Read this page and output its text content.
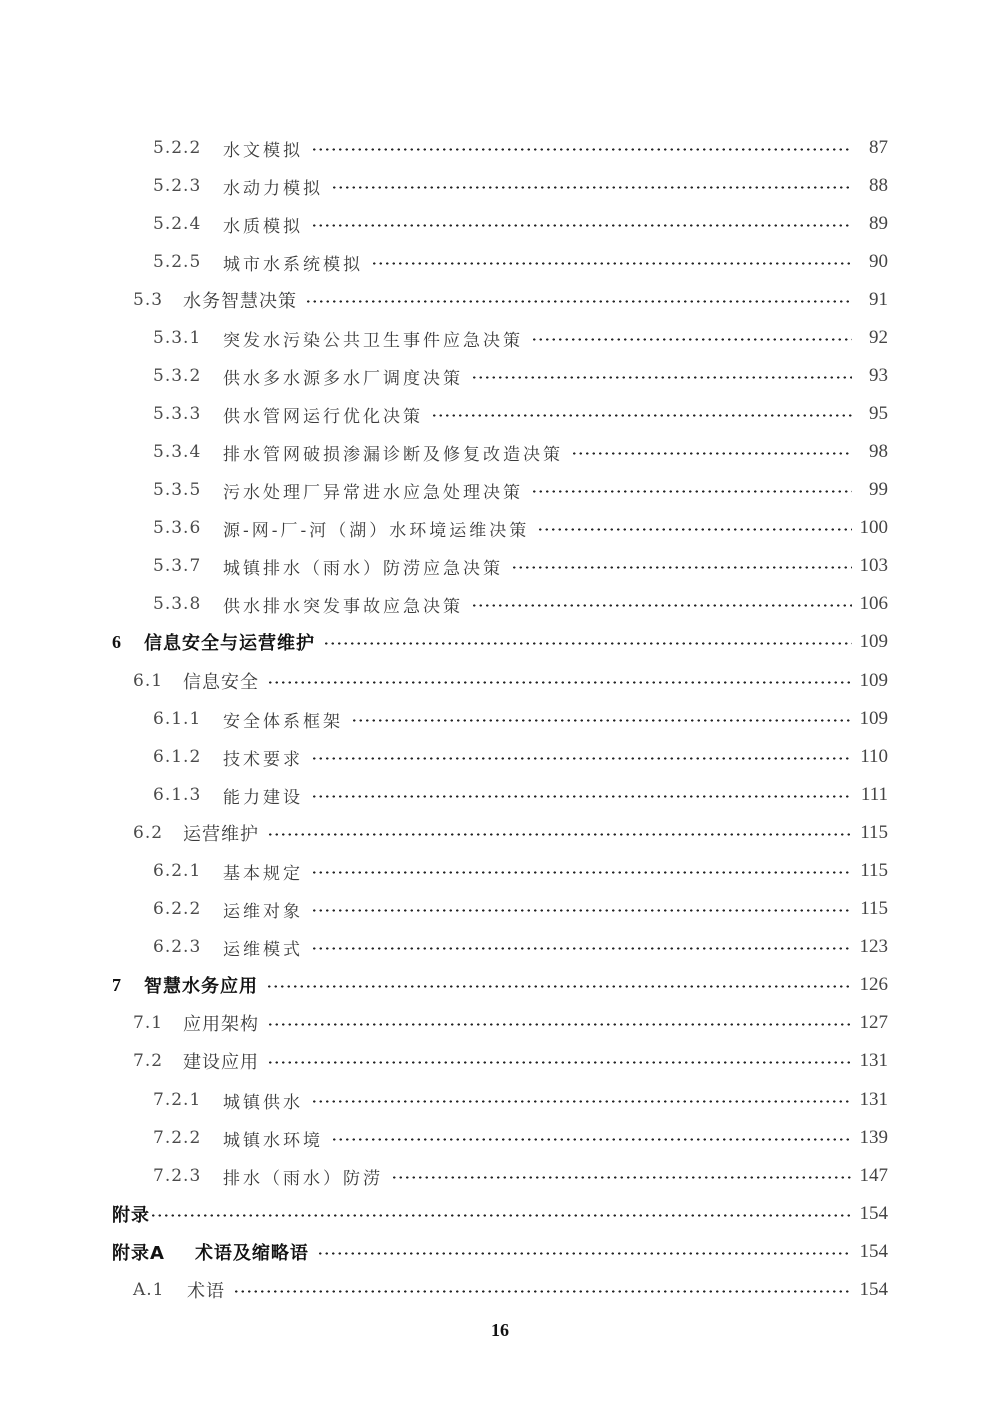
5.2.2	水文模拟	87
5.2.3	水动力模拟	88
5.2.4	水质模拟	89
5.2.5	城市水系统模拟	90
5.3	水务智慧决策	91
5.3.1	突发水污染公共卫生事件应急决策	92
5.3.2	供水多水源多水厂调度决策	93
5.3.3	供水管网运行优化决策	95
5.3.4	排水管网破损渗漏诊断及修复改造决策	98
5.3.5	污水处理厂异常进水应急处理决策	99
5.3.6	源-网-厂-河（湖）水环境运维决策	100
5.3.7	城镇排水（雨水）防涝应急决策	103
5.3.8	供水排水突发事故应急决策	106
6	信息安全与运营维护	109
6.1	信息安全	109
6.1.1	安全体系框架	109
6.1.2	技术要求	110
6.1.3	能力建设	111
6.2	运营维护	115
6.2.1	基本规定	115
6.2.2	运维对象	115
6.2.3	运维模式	123
7	智慧水务应用	126
7.1	应用架构	127
7.2	建设应用	131
7.2.1	城镇供水	131
7.2.2	城镇水环境	139
7.2.3	排水（雨水）防涝	147
附录	154
附录A 术语及缩略语	154
A.1	术语	154
16
